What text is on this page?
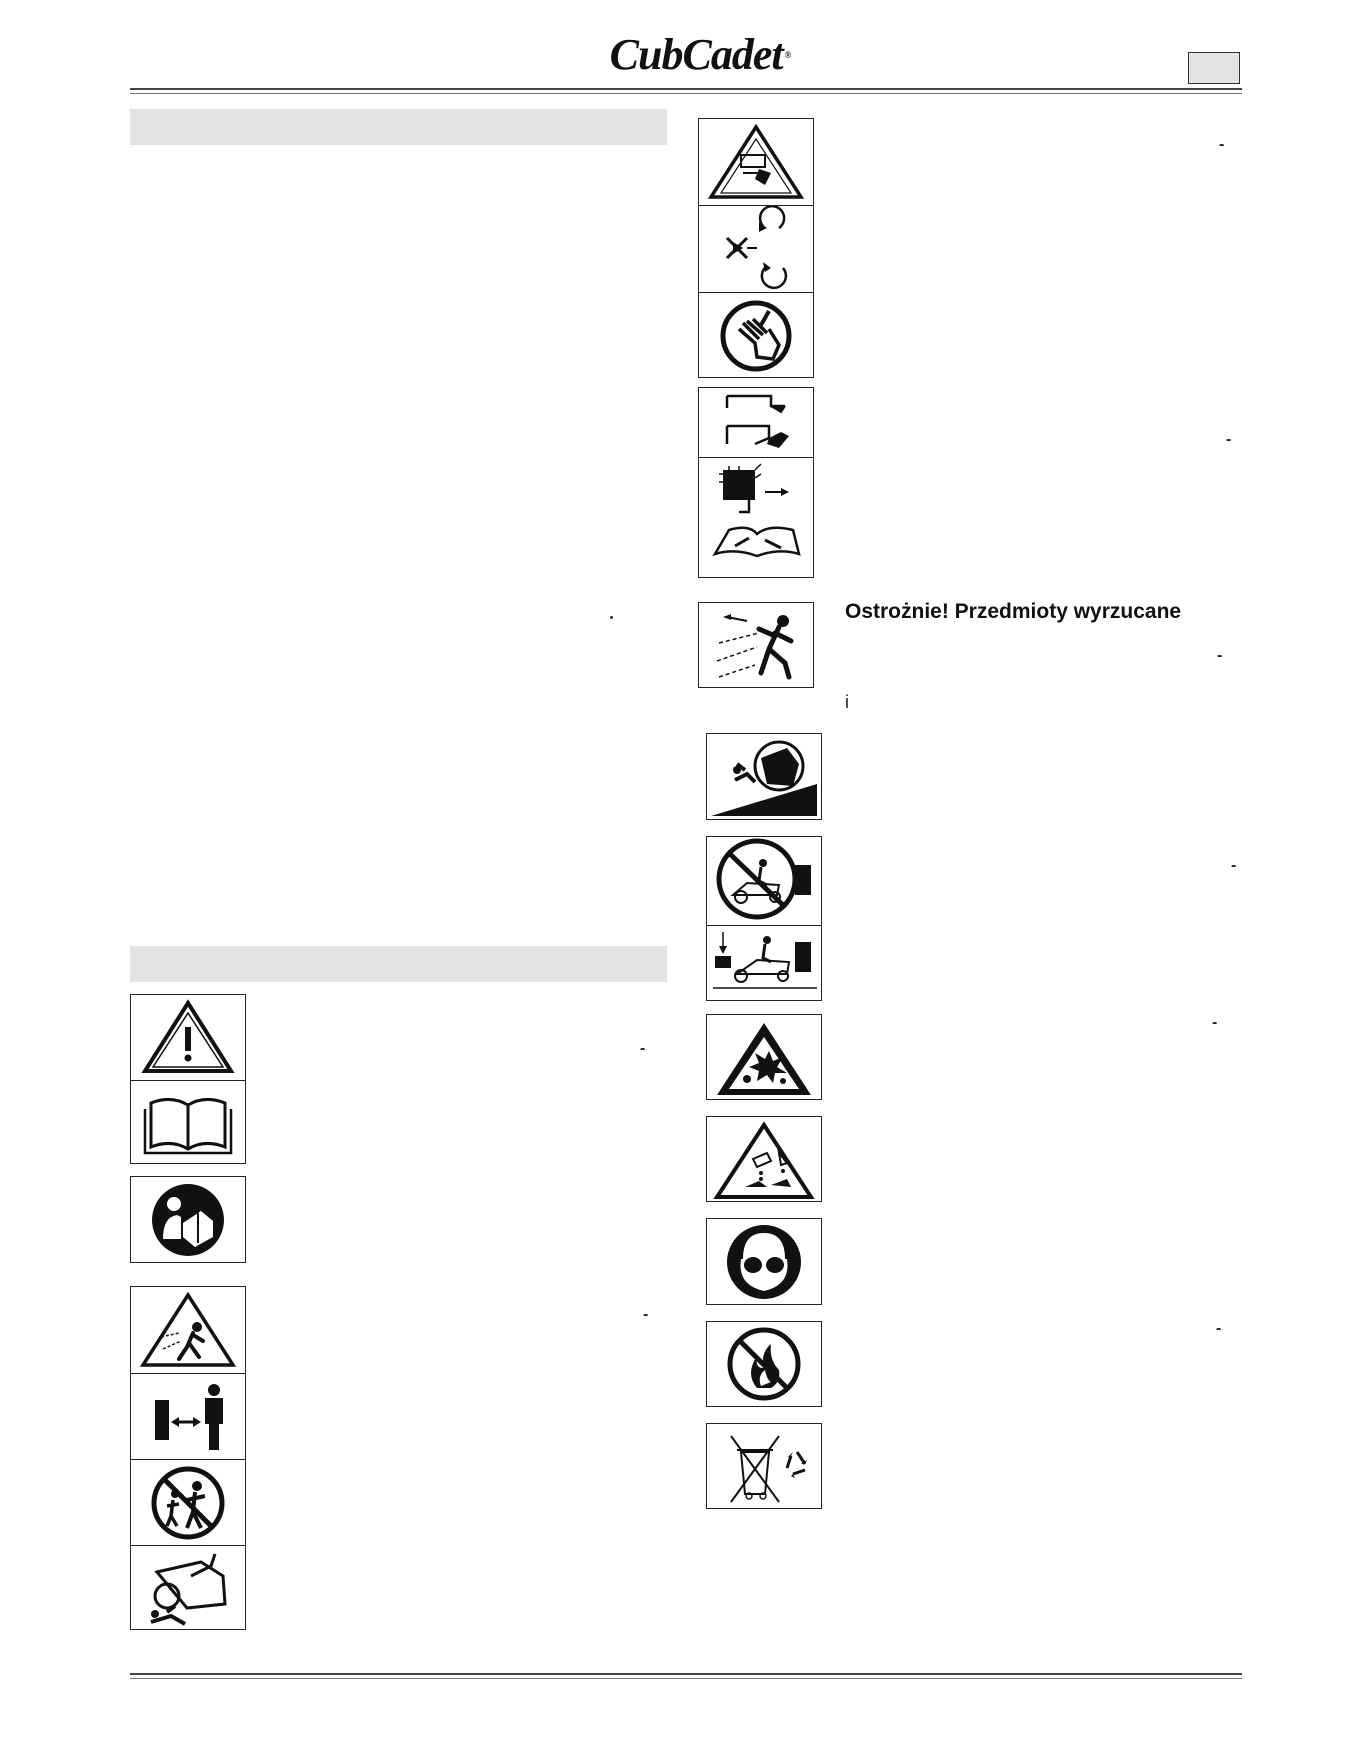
CubCadet ®
Ostrożnie! Przedmioty wyrzucane
i
-
-
-
-
-
-
-
-
